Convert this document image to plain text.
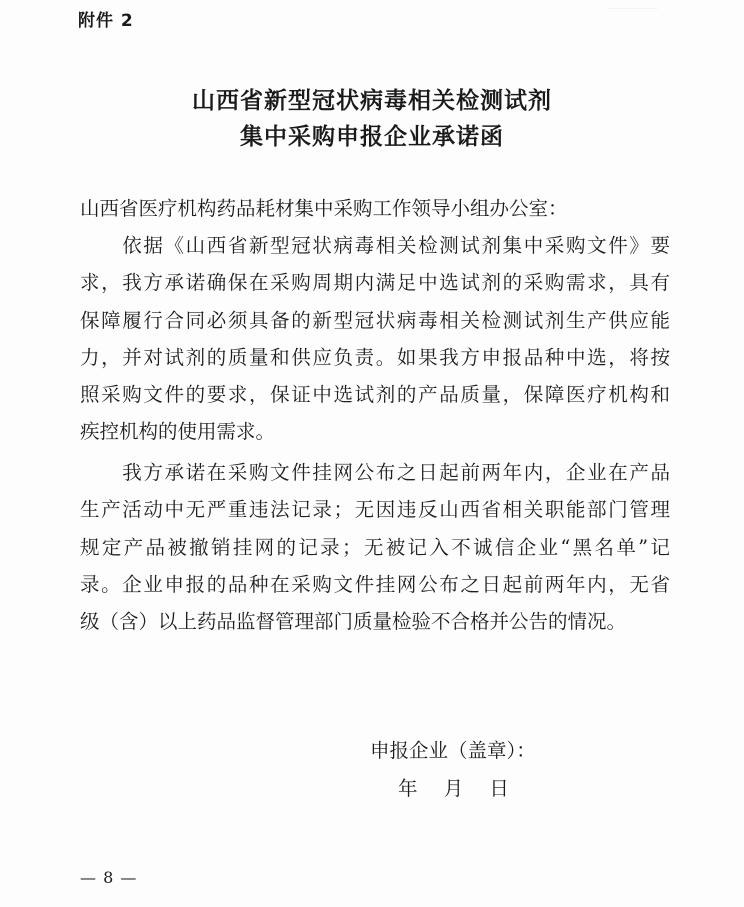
附件 2
山西省新型冠状病毒相关检测试剂
集中采购申报企业承诺函
山西省医疗机构药品耗材集中采购工作领导小组办公室：
　　依据《山西省新型冠状病毒相关检测试剂集中采购文件》要
求，我方承诺确保在采购周期内满足中选试剂的采购需求，具有
保障履行合同必须具备的新型冠状病毒相关检测试剂生产供应能
力，并对试剂的质量和供应负责。如果我方申报品种中选，将按
照采购文件的要求，保证中选试剂的产品质量，保障医疗机构和
疾控机构的使用需求。
　　我方承诺在采购文件挂网公布之日起前两年内，企业在产品
生产活动中无严重违法记录；无因违反山西省相关职能部门管理
规定产品被撤销挂网的记录；无被记入不诚信企业“黑名单”记
录。企业申报的品种在采购文件挂网公布之日起前两年内，无省
级（含）以上药品监督管理部门质量检验不合格并公告的情况。
申报企业（盖章）：
年 月 日
— 8 —
